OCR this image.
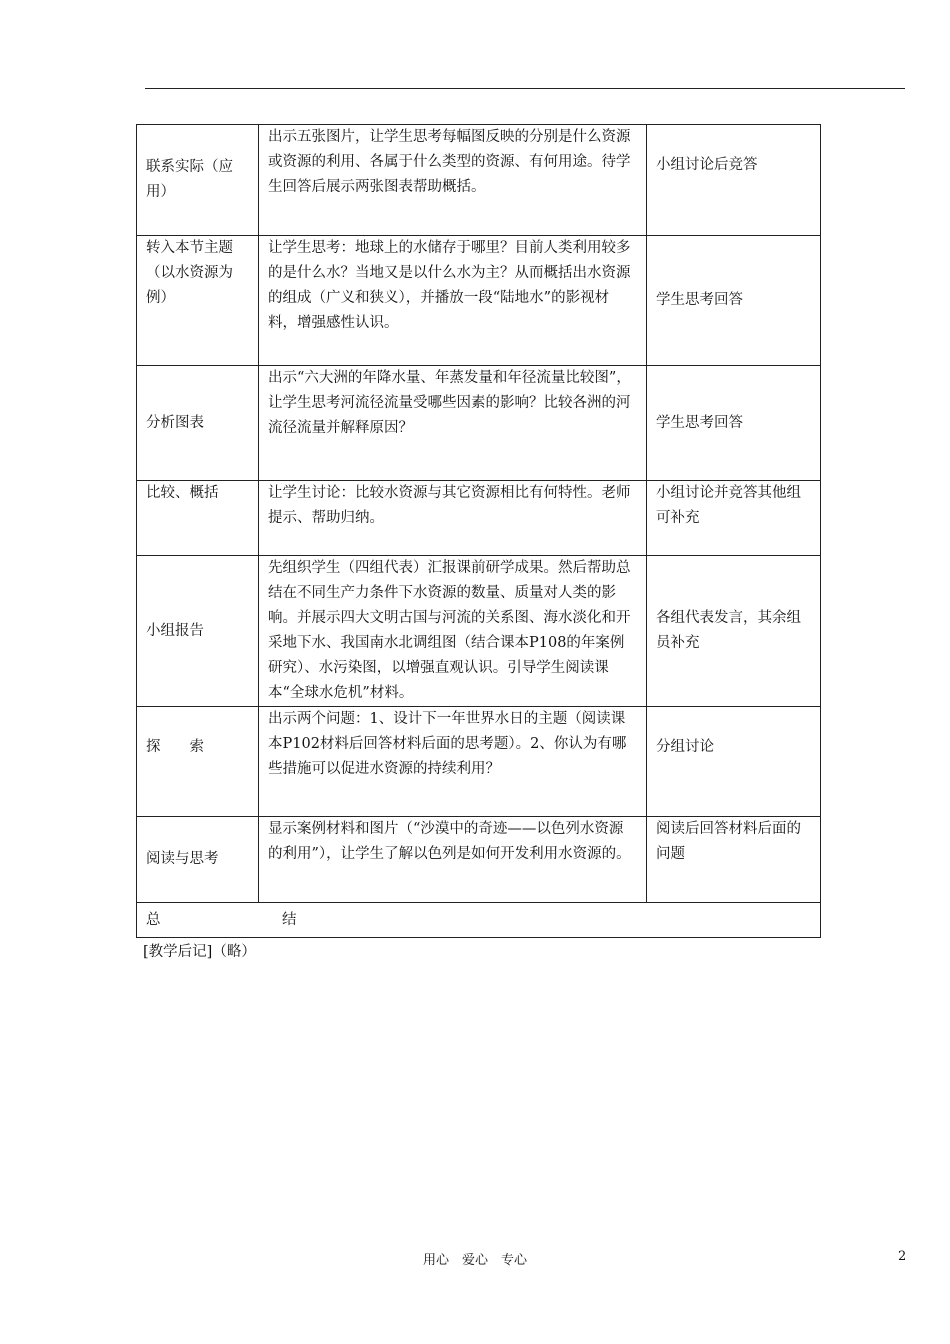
联系实际（应用）	出示五张图片，让学生思考每幅图反映的分别是什么资源或资源的利用、各属于什么类型的资源、有何用途。待学生回答后展示两张图表帮助概括。	小组讨论后竞答
转入本节主题（以水资源为例）	让学生思考：地球上的水储存于哪里？目前人类利用较多的是什么水？当地又是以什么水为主？从而概括出水资源的组成（广义和狭义），并播放一段“陆地水”的影视材料，增强感性认识。	学生思考回答
分析图表	出示“六大洲的年降水量、年蒸发量和年径流量比较图”，让学生思考河流径流量受哪些因素的影响？比较各洲的河流径流量并解释原因？	学生思考回答
比较、概括	让学生讨论：比较水资源与其它资源相比有何特性。老师提示、帮助归纳。	小组讨论并竞答其他组可补充
小组报告	先组织学生（四组代表）汇报课前研学成果。然后帮助总结在不同生产力条件下水资源的数量、质量对人类的影响。并展示四大文明古国与河流的关系图、海水淡化和开采地下水、我国南水北调组图（结合课本P108的年案例研究）、水污染图，以增强直观认识。引导学生阅读课本“全球水危机”材料。	各组代表发言，其余组员补充
探　　索	出示两个问题：1、设计下一年世界水日的主题（阅读课本P102材料后回答材料后面的思考题）。2、你认为有哪些措施可以促进水资源的持续利用？	分组讨论
阅读与思考	显示案例材料和图片（“沙漠中的奇迹——以色列水资源的利用”），让学生了解以色列是如何开发利用水资源的。	阅读后回答材料后面的问题
总 结		
[教学后记]（略）
用心　爱心　专心	2
